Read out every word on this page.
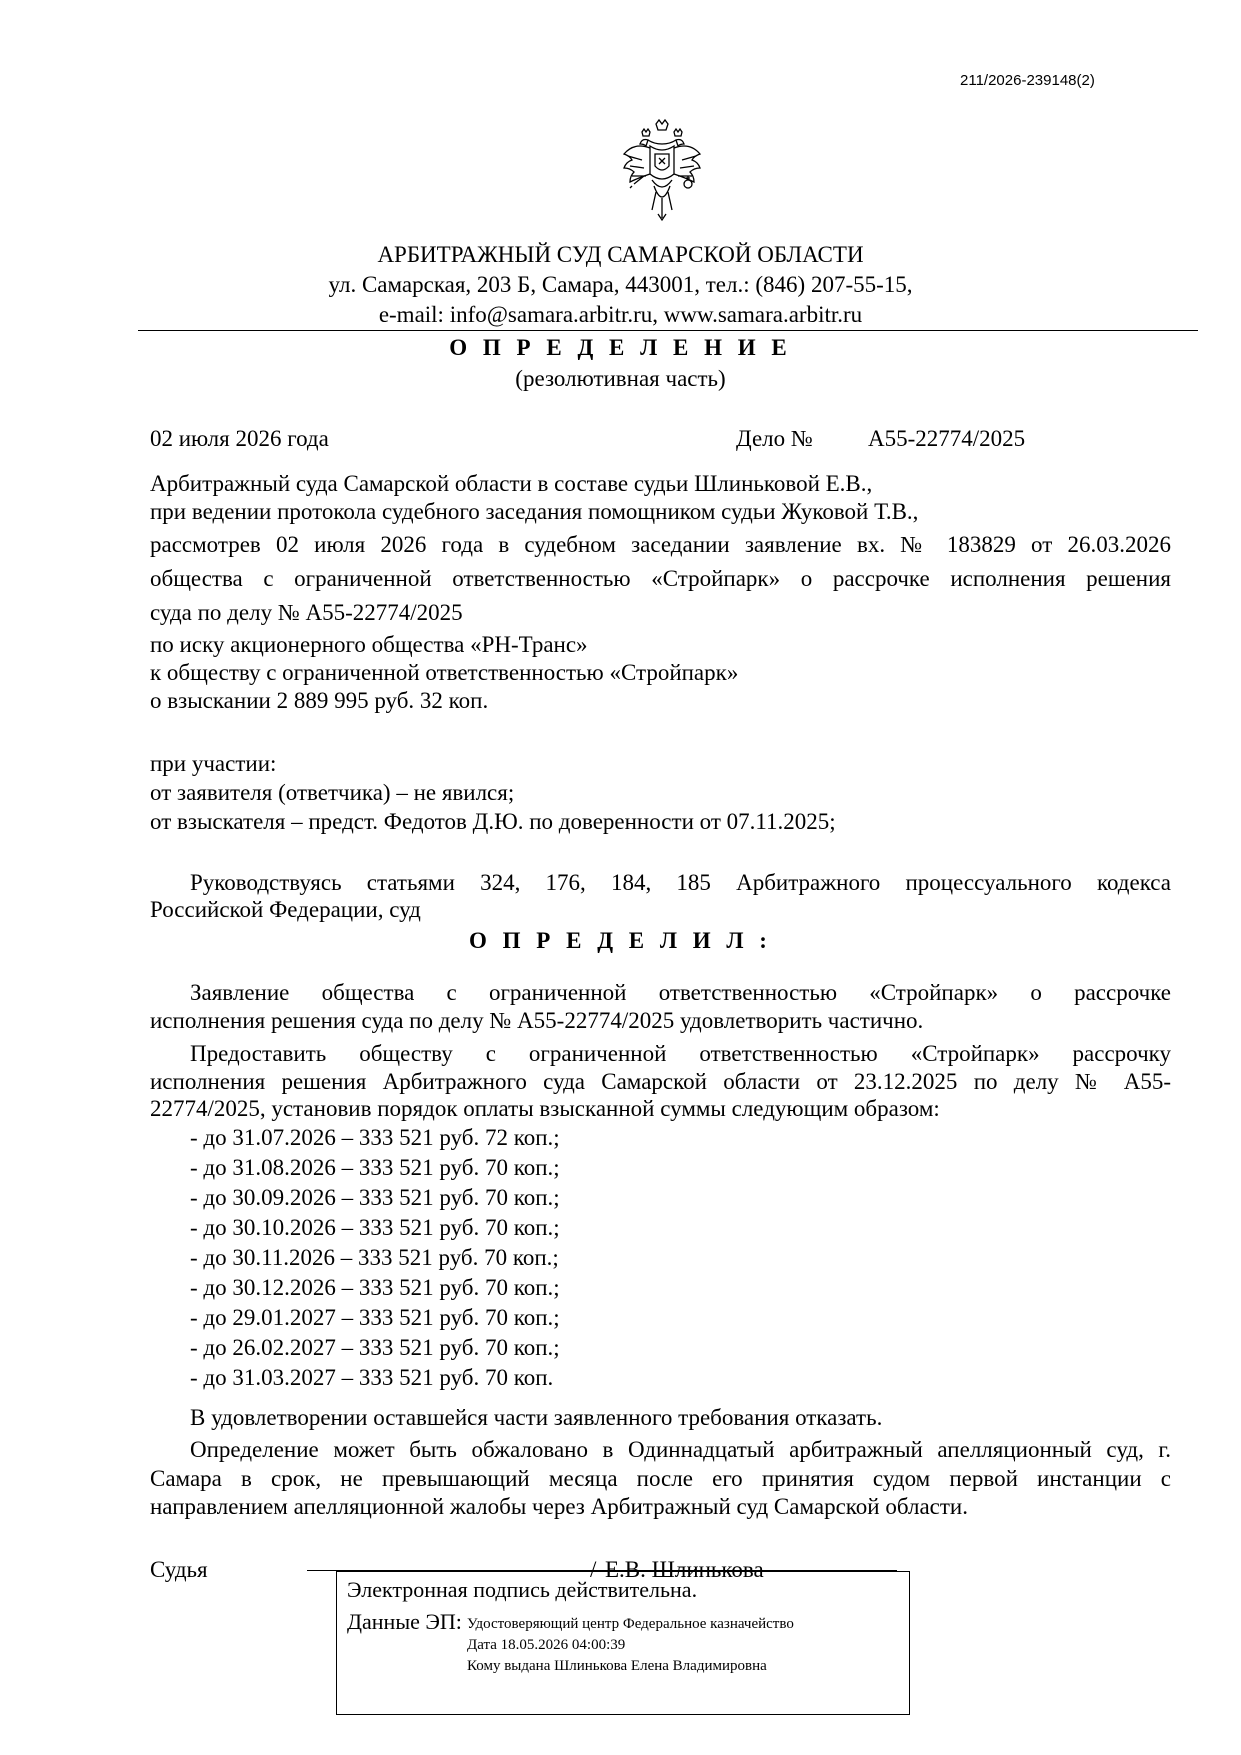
211/2026-239148(2)
АРБИТРАЖНЫЙ СУД САМАРСКОЙ ОБЛАСТИ
ул. Самарская, 203 Б, Самара, 443001, тел.: (846) 207-55-15,
e-mail: info@samara.arbitr.ru, www.samara.arbitr.ru
О П Р Е Д Е Л Е Н И Е
(резолютивная часть)
02 июля 2026 года	Дело № А55-22774/2025
Арбитражный суда Самарской области в составе судьи Шлиньковой Е.В.,
при ведении протокола судебного заседания помощником судьи Жуковой Т.В.,
рассмотрев 02 июля 2026 года в судебном заседании заявление вх. № 183829 от 26.03.2026
общества с ограниченной ответственностью «Стройпарк» о рассрочке исполнения решения
суда по делу № А55-22774/2025
по иску акционерного общества «РН-Транс»
к обществу с ограниченной ответственностью «Стройпарк»
о взыскании 2 889 995 руб. 32 коп.
при участии:
от заявителя (ответчика) – не явился;
от взыскателя – предст. Федотов Д.Ю. по доверенности от 07.11.2025;
Руководствуясь статьями 324, 176, 184, 185 Арбитражного процессуального кодекса
Российской Федерации, суд
О П Р Е Д Е Л И Л :
Заявление общества с ограниченной ответственностью «Стройпарк» о рассрочке
исполнения решения суда по делу № А55-22774/2025 удовлетворить частично.
Предоставить обществу с ограниченной ответственностью «Стройпарк» рассрочку
исполнения решения Арбитражного суда Самарской области от 23.12.2025 по делу № А55-
22774/2025, установив порядок оплаты взысканной суммы следующим образом:
- до 31.07.2026 – 333 521 руб. 72 коп.;
- до 31.08.2026 – 333 521 руб. 70 коп.;
- до 30.09.2026 – 333 521 руб. 70 коп.;
- до 30.10.2026 – 333 521 руб. 70 коп.;
- до 30.11.2026 – 333 521 руб. 70 коп.;
- до 30.12.2026 – 333 521 руб. 70 коп.;
- до 29.01.2027 – 333 521 руб. 70 коп.;
- до 26.02.2027 – 333 521 руб. 70 коп.;
- до 31.03.2027 – 333 521 руб. 70 коп.
В удовлетворении оставшейся части заявленного требования отказать.
Определение может быть обжаловано в Одиннадцатый арбитражный апелляционный суд, г.
Самара в срок, не превышающий месяца после его принятия судом первой инстанции с
направлением апелляционной жалобы через Арбитражный суд Самарской области.
Судья	/ Е.В. Шлинькова
Электронная подпись действительна.
Данные ЭП: Удостоверяющий центр Федеральное казначейство
Дата 18.05.2026 04:00:39
Кому выдана Шлинькова Елена Владимировна
